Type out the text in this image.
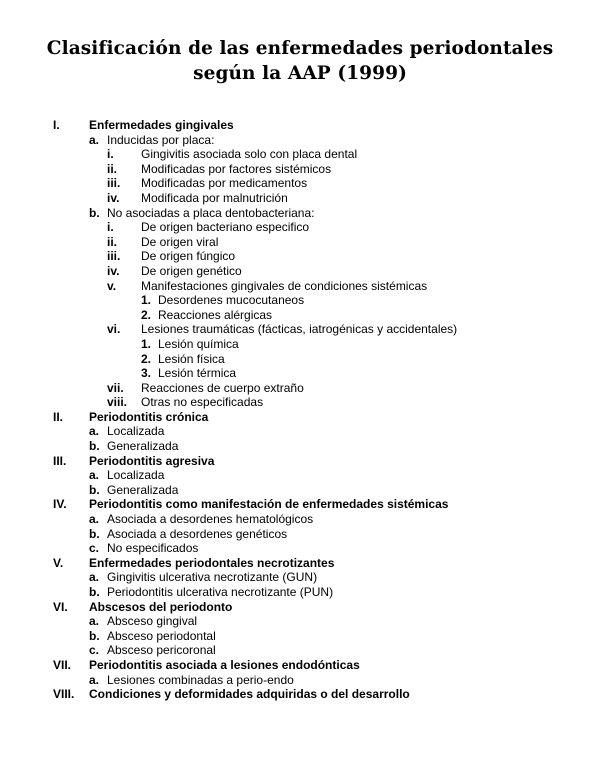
Clasificación de las enfermedades periodontales
según la AAP (1999)
I. Enfermedades gingivales
a. Inducidas por placa:
i. Gingivitis asociada solo con placa dental
ii. Modificadas por factores sistémicos
iii. Modificadas por medicamentos
iv. Modificada por malnutrición
b. No asociadas a placa dentobacteriana:
i. De origen bacteriano especifico
ii. De origen viral
iii. De origen fúngico
iv. De origen genético
v. Manifestaciones gingivales de condiciones sistémicas
1. Desordenes mucocutaneos
2. Reacciones alérgicas
vi. Lesiones traumáticas (fácticas, iatrogénicas y accidentales)
1. Lesión química
2. Lesión física
3. Lesión térmica
vii. Reacciones de cuerpo extraño
viii. Otras no especificadas
II. Periodontitis crónica
a. Localizada
b. Generalizada
III. Periodontitis agresiva
a. Localizada
b. Generalizada
IV. Periodontitis como manifestación de enfermedades sistémicas
a. Asociada a desordenes hematológicos
b. Asociada a desordenes genéticos
c. No especificados
V. Enfermedades periodontales necrotizantes
a. Gingivitis ulcerativa necrotizante (GUN)
b. Periodontitis ulcerativa necrotizante (PUN)
VI. Abscesos del periodonto
a. Absceso gingival
b. Absceso periodontal
c. Absceso pericoronal
VII. Periodontitis asociada a lesiones endodónticas
a. Lesiones combinadas a perio-endo
VIII. Condiciones y deformidades adquiridas o del desarrollo
